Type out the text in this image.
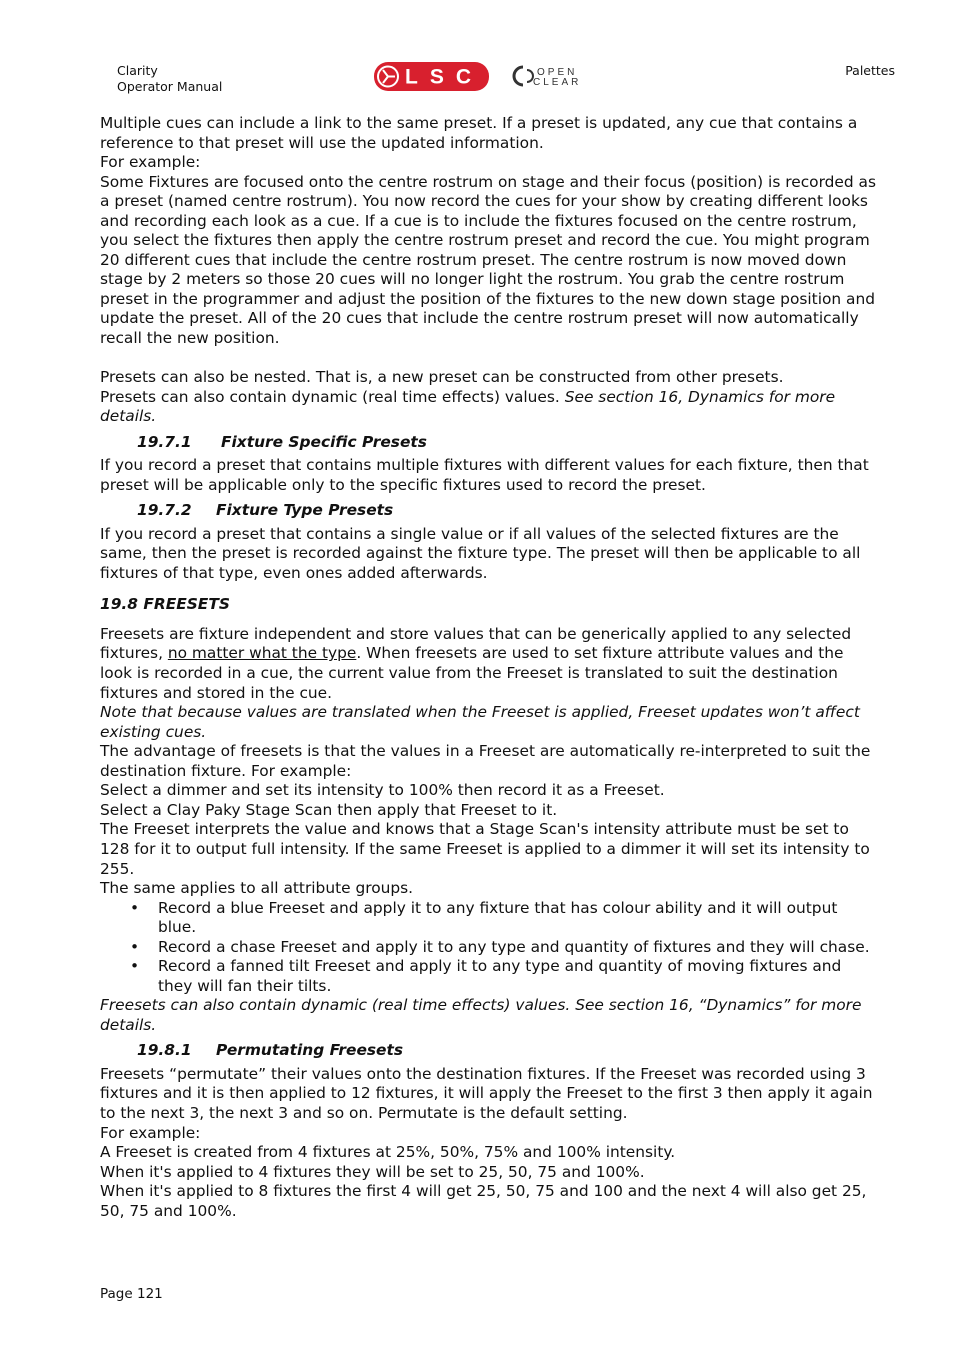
Clarity
Operator Manual	LSC	OPEN
CLEAR
Palettes

Multiple cues can include a link to the same preset. If a preset is updated, any cue that contains a reference to that preset will use the updated information.

For example:

Some Fixtures are focused onto the centre rostrum on stage and their focus (position) is recorded as a preset (named centre rostrum). You now record the cues for your show by creating different looks and recording each look as a cue. If a cue is to include the fixtures focused on the centre rostrum, you select the fixtures then apply the centre rostrum preset and record the cue. You might program 20 different cues that include the centre rostrum preset. The centre rostrum is now moved down stage by 2 meters so those 20 cues will no longer light the rostrum. You grab the centre rostrum preset in the programmer and adjust the position of the fixtures to the new down stage position and update the preset. All of the 20 cues that include the centre rostrum preset will now automatically recall the new position.

Presets can also be nested. That is, a new preset can be constructed from other presets.

Presets can also contain dynamic (real time effects) values. See section 16, Dynamics for more details.

19.7.1 Fixture Specific Presets

If you record a preset that contains multiple fixtures with different values for each fixture, then that preset will be applicable only to the specific fixtures used to record the preset.

19.7.2 Fixture Type Presets

If you record a preset that contains a single value or if all values of the selected fixtures are the same, then the preset is recorded against the fixture type. The preset will then be applicable to all fixtures of that type, even ones added afterwards.

19.8 FREESETS

Freesets are fixture independent and store values that can be generically applied to any selected fixtures, no matter what the type. When freesets are used to set fixture attribute values and the look is recorded in a cue, the current value from the Freeset is translated to suit the destination fixtures and stored in the cue.

Note that because values are translated when the Freeset is applied, Freeset updates won’t affect existing cues.

The advantage of freesets is that the values in a Freeset are automatically re-interpreted to suit the destination fixture. For example:

Select a dimmer and set its intensity to 100% then record it as a Freeset.

Select a Clay Paky Stage Scan then apply that Freeset to it.

The Freeset interprets the value and knows that a Stage Scan's intensity attribute must be set to 128 for it to output full intensity. If the same Freeset is applied to a dimmer it will set its intensity to 255.

The same applies to all attribute groups.

• Record a blue Freeset and apply it to any fixture that has colour ability and it will output blue.
• Record a chase Freeset and apply it to any type and quantity of fixtures and they will chase.
• Record a fanned tilt Freeset and apply it to any type and quantity of moving fixtures and they will fan their tilts.

Freesets can also contain dynamic (real time effects) values. See section 16, “Dynamics” for more details.

19.8.1 Permutating Freesets

Freesets “permutate” their values onto the destination fixtures. If the Freeset was recorded using 3 fixtures and it is then applied to 12 fixtures, it will apply the Freeset to the first 3 then apply it again to the next 3, the next 3 and so on. Permutate is the default setting.

For example:

A Freeset is created from 4 fixtures at 25%, 50%, 75% and 100% intensity.

When it's applied to 4 fixtures they will be set to 25, 50, 75 and 100%.

When it's applied to 8 fixtures the first 4 will get 25, 50, 75 and 100 and the next 4 will also get 25, 50, 75 and 100%.

Page 121
